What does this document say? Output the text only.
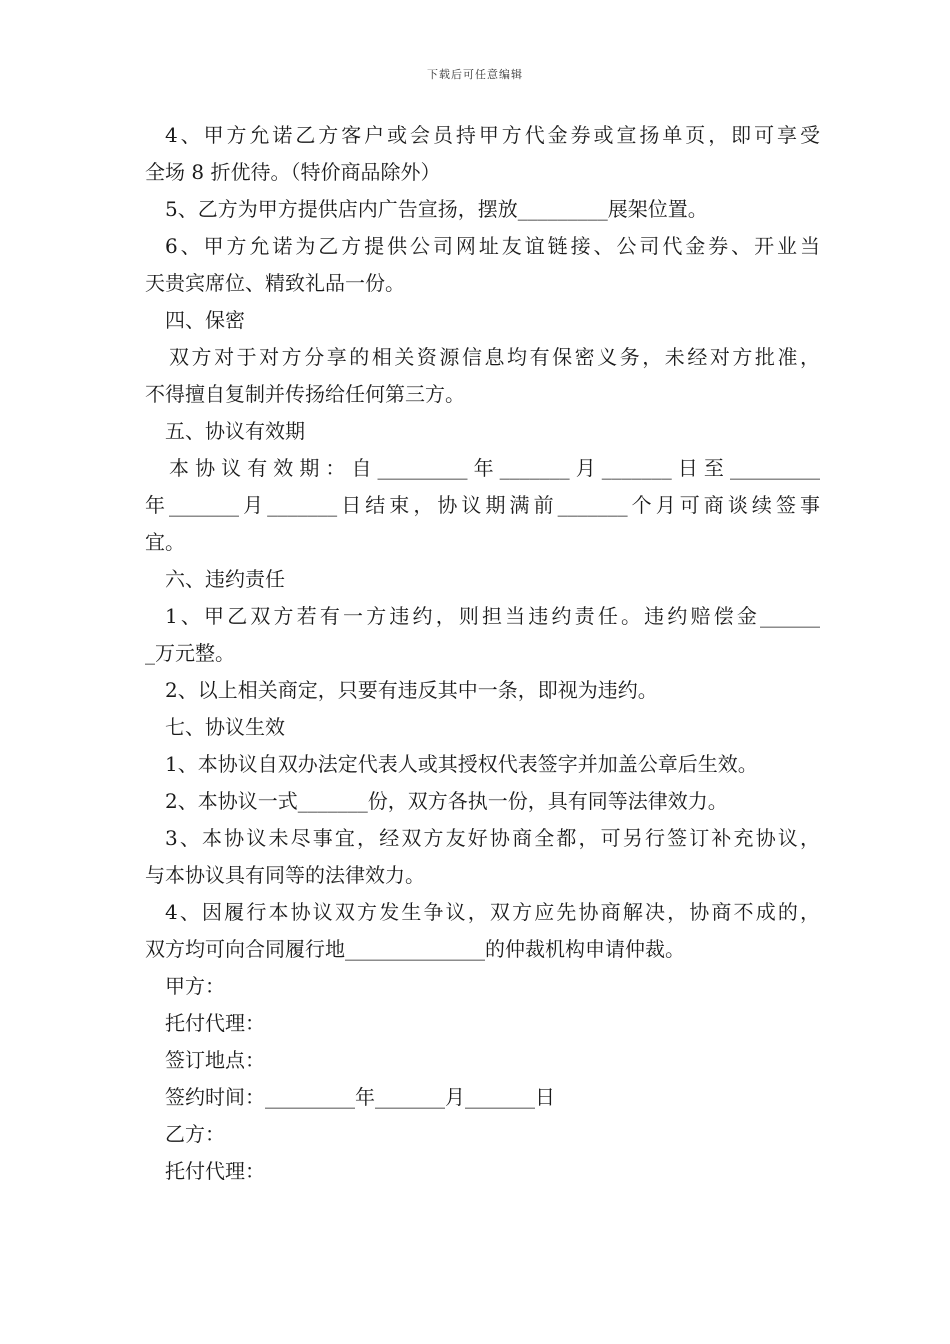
下载后可任意编辑
4、甲方允诺乙方客户或会员持甲方代金券或宣扬单页，即可享受
全场 8 折优待。（特价商品除外）
5、乙方为甲方提供店内广告宣扬，摆放_________展架位置。
6、甲方允诺为乙方提供公司网址友谊链接、公司代金券、开业当
天贵宾席位、精致礼品一份。
四、保密
双方对于对方分享的相关资源信息均有保密义务，未经对方批准，
不得擅自复制并传扬给任何第三方。
五、协议有效期
本协议有效期：自_________年_______月_______日至_________
年_______月_______日结束，协议期满前_______个月可商谈续签事
宜。
六、违约责任
1、甲乙双方若有一方违约，则担当违约责任。违约赔偿金______
_万元整。
2、以上相关商定，只要有违反其中一条，即视为违约。
七、协议生效
1、本协议自双办法定代表人或其授权代表签字并加盖公章后生效。
2、本协议一式_______份，双方各执一份，具有同等法律效力。
3、本协议未尽事宜，经双方友好协商全都，可另行签订补充协议，
与本协议具有同等的法律效力。
4、因履行本协议双方发生争议，双方应先协商解决，协商不成的，
双方均可向合同履行地______________的仲裁机构申请仲裁。
甲方：
托付代理：
签订地点：
签约时间：_________年_______月_______日
乙方：
托付代理：
